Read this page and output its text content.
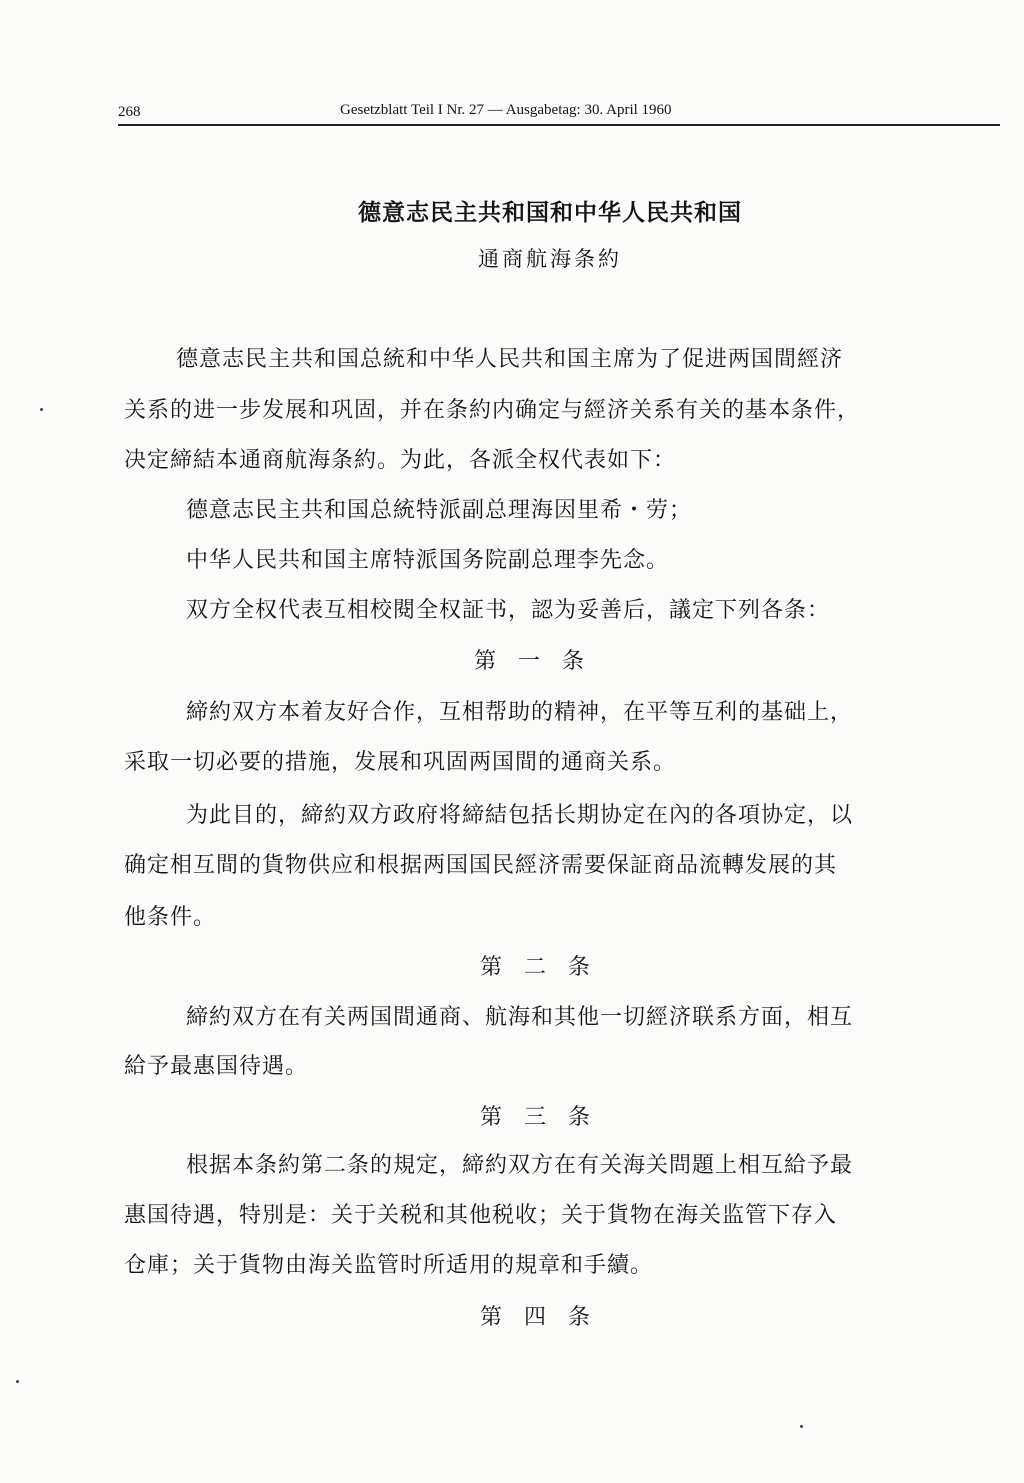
268	Gesetzblatt Teil I Nr. 27 — Ausgabetag: 30. April 1960
德意志民主共和国和中华人民共和国
通商航海条約
德意志民主共和国总統和中华人民共和国主席为了促进两国間經济
关系的进一步发展和巩固，并在条約内确定与經济关系有关的基本条件，
决定締結本通商航海条約。为此，各派全权代表如下：
德意志民主共和国总統特派副总理海因里希・劳；
中华人民共和国主席特派国务院副总理李先念。
双方全权代表互相校閱全权証书，認为妥善后，議定下列各条：
第一条
締約双方本着友好合作，互相帮助的精神，在平等互利的基础上，
采取一切必要的措施，发展和巩固两国間的通商关系。
为此目的，締約双方政府将締結包括长期协定在內的各項协定，以
确定相互間的貨物供应和根据两国国民經济需要保証商品流轉发展的其
他条件。
第二条
締約双方在有关两国間通商、航海和其他一切經济联系方面，相互
給予最惠国待遇。
第三条
根据本条約第二条的規定，締約双方在有关海关問題上相互給予最
惠国待遇，特別是：关于关税和其他税收；关于貨物在海关监管下存入
仓庫；关于貨物由海关监管时所适用的規章和手續。
第四条
